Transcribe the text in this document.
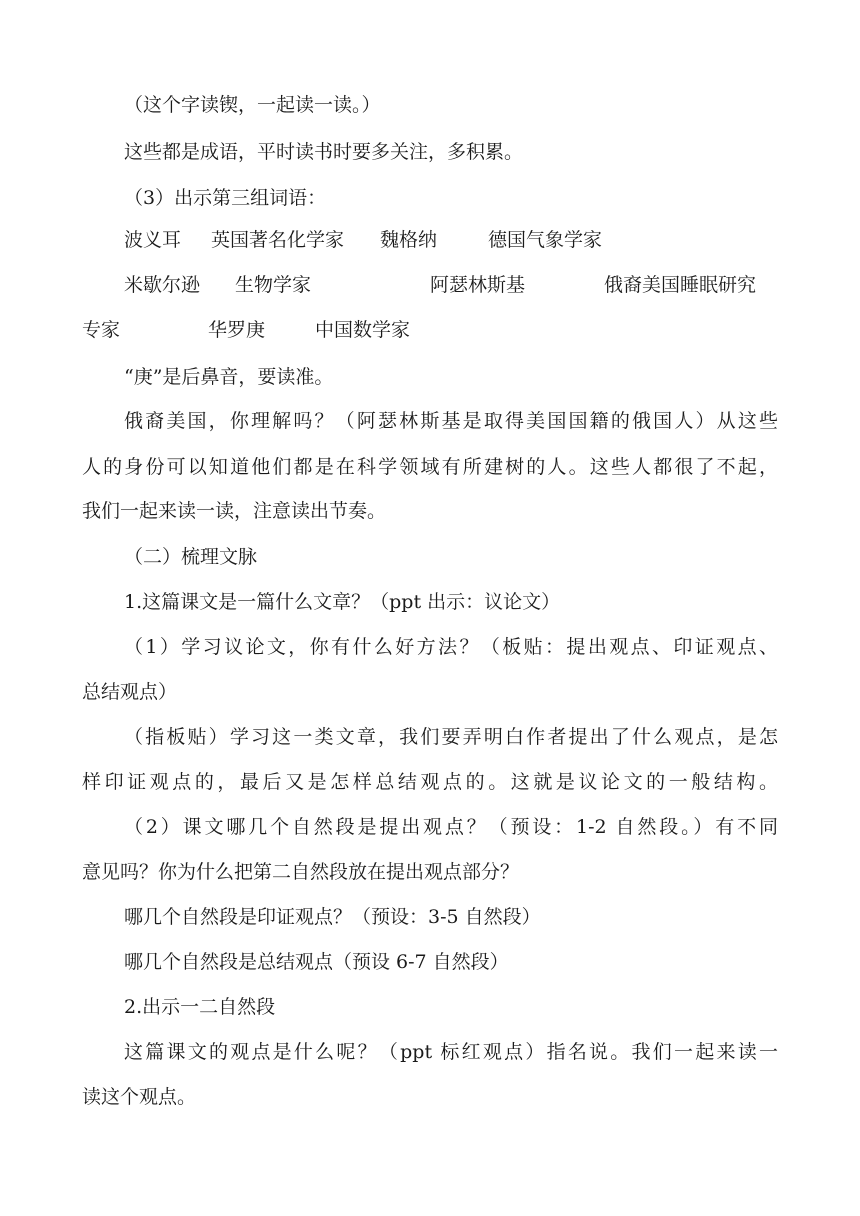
（这个字读锲，一起读一读。）
这些都是成语，平时读书时要多关注，多积累。
（3）出示第三组词语：
波义耳 英国著名化学家 魏格纳	德国气象学家
米歇尔逊 生物学家	阿瑟林斯基	俄裔美国睡眠研究
专家	华罗庚	中国数学家
“庚”是后鼻音，要读准。
俄裔美国，你理解吗？（阿瑟林斯基是取得美国国籍的俄国人）从这些
人的身份可以知道他们都是在科学领域有所建树的人。这些人都很了不起，
我们一起来读一读，注意读出节奏。
（二）梳理文脉
1.这篇课文是一篇什么文章？（ppt 出示：议论文）
（1）学习议论文，你有什么好方法？（板贴：提出观点、印证观点、
总结观点）
（指板贴）学习这一类文章，我们要弄明白作者提出了什么观点，是怎
样印证观点的，最后又是怎样总结观点的。这就是议论文的一般结构。
（2）课文哪几个自然段是提出观点？（预设：1-2 自然段。）有不同
意见吗？你为什么把第二自然段放在提出观点部分？
哪几个自然段是印证观点？（预设：3-5 自然段）
哪几个自然段是总结观点（预设 6-7 自然段）
2.出示一二自然段
这篇课文的观点是什么呢？（ppt 标红观点）指名说。我们一起来读一
读这个观点。
